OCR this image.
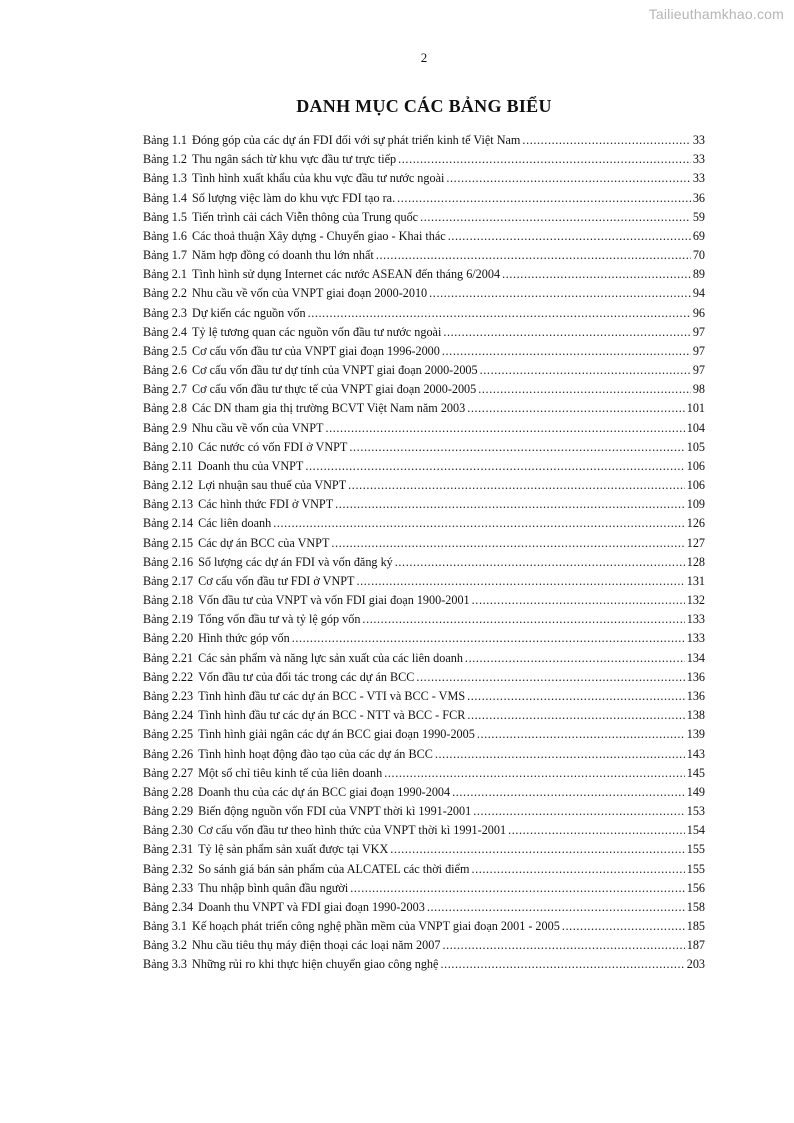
Tailieuthamkhao.com
2
DANH MỤC CÁC BẢNG BIỂU
Bảng 1.1 Đóng góp của các dự án FDI đối với sự phát triển kinh tế Việt Nam .....	33
Bảng 1.2 Thu ngân sách từ khu vực đầu tư trực tiếp .....	33
Bảng 1.3 Tình hình xuất khẩu của khu vực đầu tư nước ngoài .....	33
Bảng 1.4 Số lượng việc làm do khu vực FDI tạo ra. .....	36
Bảng 1.5 Tiến trình cải cách Viễn thông của Trung quốc .....	59
Bảng 1.6 Các thoả thuận Xây dựng - Chuyển giao - Khai thác .....	69
Bảng 1.7 Năm hợp đồng có doanh thu lớn nhất .....	70
Bảng 2.1 Tình hình sử dụng Internet các nước ASEAN đến tháng 6/2004 .....	89
Bảng 2.2 Nhu cầu về vốn của VNPT giai đoạn 2000-2010 .....	94
Bảng 2.3 Dự kiến các nguồn vốn .....	96
Bảng 2.4 Tỷ lệ tương quan các nguồn vốn đầu tư nước ngoài .....	97
Bảng 2.5 Cơ cấu vốn đầu tư của VNPT giai đoạn 1996-2000 .....	97
Bảng 2.6 Cơ cấu vốn đầu tư dự tính của VNPT giai đoạn 2000-2005 .....	97
Bảng 2.7 Cơ cấu vốn đầu tư thực tế của VNPT giai đoạn 2000-2005 .....	98
Bảng 2.8 Các DN tham gia thị trường BCVT Việt Nam năm 2003 .....	101
Bảng 2.9 Nhu cầu về vốn của VNPT .....	104
Bảng 2.10 Các nước có vốn FDI ở VNPT .....	105
Bảng 2.11 Doanh thu của VNPT .....	106
Bảng 2.12 Lợi nhuận sau thuế của VNPT .....	106
Bảng 2.13 Các hình thức FDI ở VNPT .....	109
Bảng 2.14 Các liên doanh .....	126
Bảng 2.15 Các dự án BCC của VNPT .....	127
Bảng 2.16 Số lượng các dự án FDI và vốn đăng ký .....	128
Bảng 2.17 Cơ cấu vốn đầu tư FDI ở VNPT .....	131
Bảng 2.18 Vốn đầu tư của VNPT và vốn FDI giai đoạn 1900-2001 .....	132
Bảng 2.19 Tổng vốn đầu tư và tỷ lệ góp vốn .....	133
Bảng 2.20 Hình thức góp vốn .....	133
Bảng 2.21 Các sản phẩm và năng lực sản xuất của các liên doanh .....	134
Bảng 2.22 Vốn đầu tư của đối tác trong các dự án BCC .....	136
Bảng 2.23 Tình hình đầu tư các dự án BCC - VTI và BCC - VMS .....	136
Bảng 2.24 Tình hình đầu tư các dự án BCC - NTT và BCC - FCR .....	138
Bảng 2.25 Tình hình giải ngân các dự án BCC giai đoạn 1990-2005 .....	139
Bảng 2.26 Tình hình hoạt động đào tạo của các dự án BCC .....	143
Bảng 2.27 Một số chỉ tiêu kinh tế của liên doanh .....	145
Bảng 2.28 Doanh thu của các dự án BCC giai đoạn 1990-2004 .....	149
Bảng 2.29 Biến động nguồn vốn FDI của VNPT thời kì 1991-2001 .....	153
Bảng 2.30 Cơ cấu vốn đầu tư theo hình thức của VNPT thời kì 1991-2001 .....	154
Bảng 2.31 Tỷ lệ sản phẩm sản xuất được tại VKX .....	155
Bảng 2.32 So sánh giá bán sản phẩm của ALCATEL các thời điểm .....	155
Bảng 2.33 Thu nhập bình quân đầu người .....	156
Bảng 2.34 Doanh thu VNPT và FDI giai đoạn 1990-2003 .....	158
Bảng 3.1 Kế hoạch phát triển công nghệ phần mềm của VNPT giai đoạn 2001 - 2005 .....	185
Bảng 3.2 Nhu cầu tiêu thụ máy điện thoại các loại năm 2007 .....	187
Bảng 3.3 Những rủi ro khi thực hiện chuyển giao công nghệ .....	203
